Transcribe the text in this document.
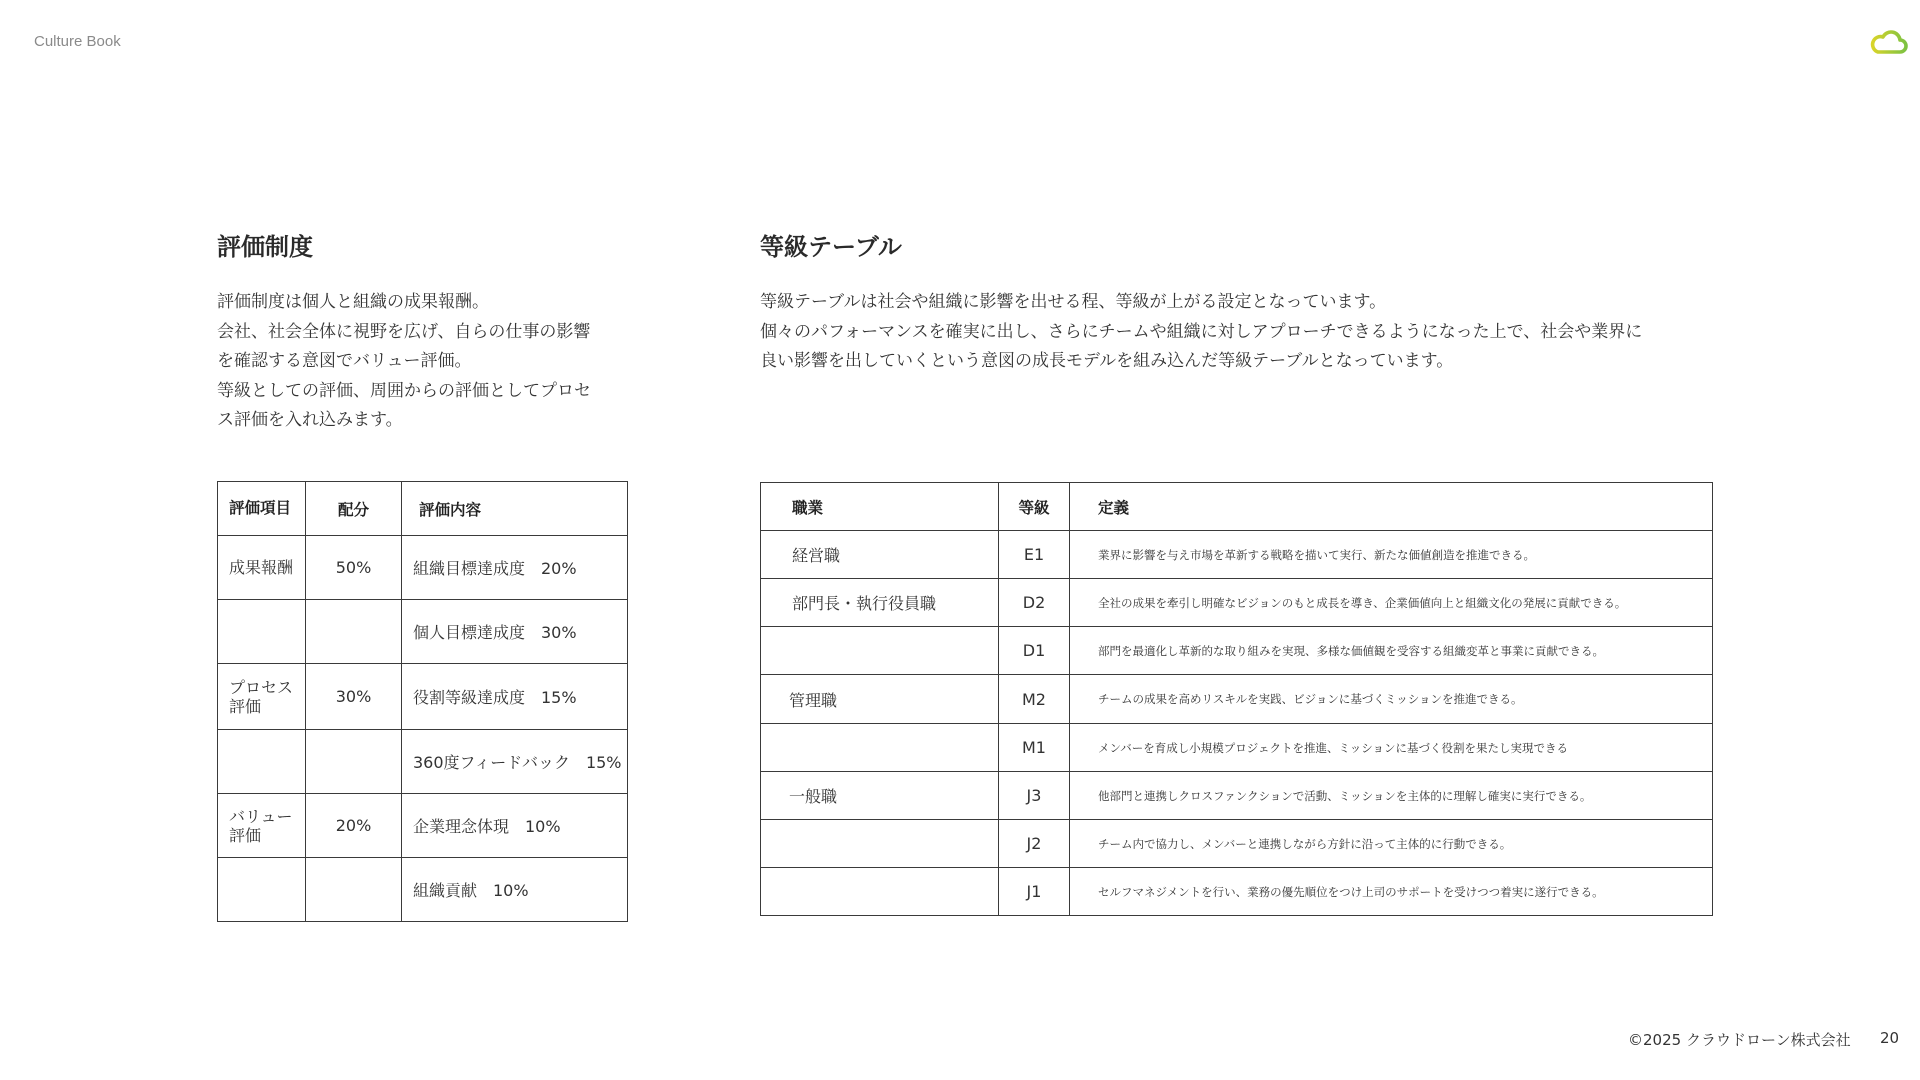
Culture Book
評価制度
評価制度は個人と組織の成果報酬。
会社、社会全体に視野を広げ、自らの仕事の影響
を確認する意図でバリュー評価。
等級としての評価、周囲からの評価としてプロセ
ス評価を入れ込みます。
評価項目	配分	評価内容
成果報酬	50%	組織目標達成度　20%
		個人目標達成度　30%
プロセス評価	30%	役割等級達成度　15%
		360度フィードバック　15%
バリュー評価	20%	企業理念体現　10%
		組織貢献　10%
等級テーブル
等級テーブルは社会や組織に影響を出せる程、等級が上がる設定となっています。
個々のパフォーマンスを確実に出し、さらにチームや組織に対しアプローチできるようになった上で、社会や業界に
良い影響を出していくという意図の成長モデルを組み込んだ等級テーブルとなっています。
職業	等級	定義
経営職	E1	業界に影響を与え市場を革新する戦略を描いて実行、新たな価値創造を推進できる。
部門長・執行役員職	D2	全社の成果を牽引し明確なビジョンのもと成長を導き、企業価値向上と組織文化の発展に貢献できる。
	D1	部門を最適化し革新的な取り組みを実現、多様な価値観を受容する組織変革と事業に貢献できる。
管理職	M2	チームの成果を高めリスキルを実践、ビジョンに基づくミッションを推進できる。
	M1	メンバーを育成し小規模プロジェクトを推進、ミッションに基づく役割を果たし実現できる
一般職	J3	他部門と連携しクロスファンクションで活動、ミッションを主体的に理解し確実に実行できる。
	J2	チーム内で協力し、メンバーと連携しながら方針に沿って主体的に行動できる。
	J1	セルフマネジメントを行い、業務の優先順位をつけ上司のサポートを受けつつ着実に遂行できる。
©2025 クラウドローン株式会社 20
